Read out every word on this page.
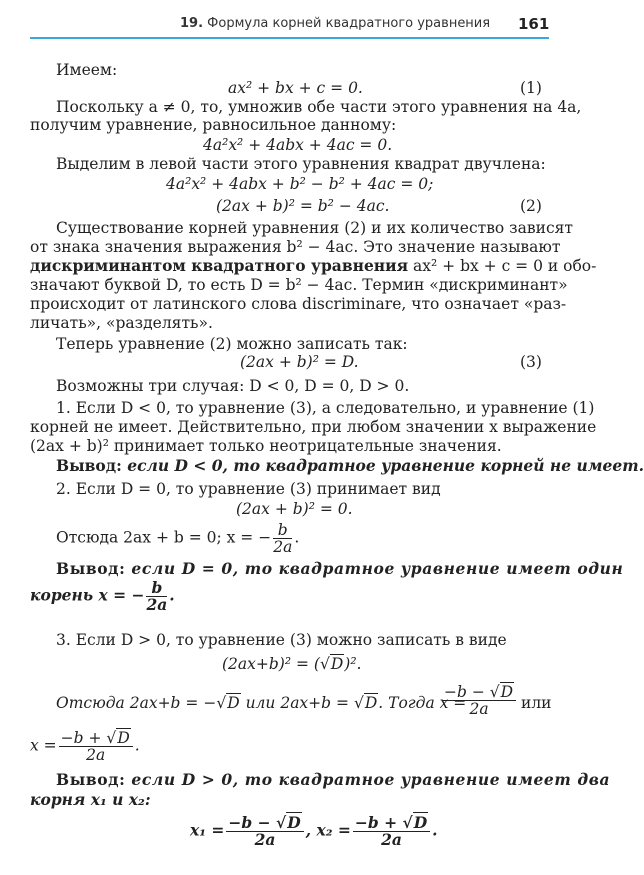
19. Формула корней квадратного уравнения 161
Имеем:
ax² + bx + c = 0.	(1)
Поскольку a ≠ 0, то, умножив обе части этого уравнения на 4a,
получим уравнение, равносильное данному:
4a²x² + 4abx + 4ac = 0.
Выделим в левой части этого уравнения квадрат двучлена:
4a²x² + 4abx + b² − b² + 4ac = 0;
(2ax + b)² = b² − 4ac.	(2)
Существование корней уравнения (2) и их количество зависят
от знака значения выражения b² − 4ac. Это значение называют
дискриминантом квадратного уравнения ax² + bx + c = 0 и обо-
значают буквой D, то есть D = b² − 4ac. Термин «дискриминант»
происходит от латинского слова discriminare, что означает «раз-
личать», «разделять».
Теперь уравнение (2) можно записать так:
(2ax + b)² = D.	(3)
Возможны три случая: D < 0, D = 0, D > 0.
1. Если D < 0, то уравнение (3), а следовательно, и уравнение (1)
корней не имеет. Действительно, при любом значении x выражение
(2ax + b)² принимает только неотрицательные значения.
Вывод: если D < 0, то квадратное уравнение корней не имеет.
2. Если D = 0, то уравнение (3) принимает вид
(2ax + b)² = 0.
Отсюда 2ax + b = 0; x = − $\frac{b}{2a}$ .
Вывод: если D = 0, то квадратное уравнение имеет один
корень x = − $\frac{b}{2a}$ .
3. Если D > 0, то уравнение (3) можно записать в виде
(2ax+b)² = (√D)².
Отсюда 2ax+b = −√D или 2ax+b = √D. Тогда x =
$\frac{-b - √D}{2a}$ или
$x = \frac{-b + √D}{2a}$ .
Вывод: если D > 0, то квадратное уравнение имеет два
корня x₁ и x₂:
$x_1 = \frac{-b - √D}{2a}$ , $x_2 = \frac{-b + √D}{2a}$ .
